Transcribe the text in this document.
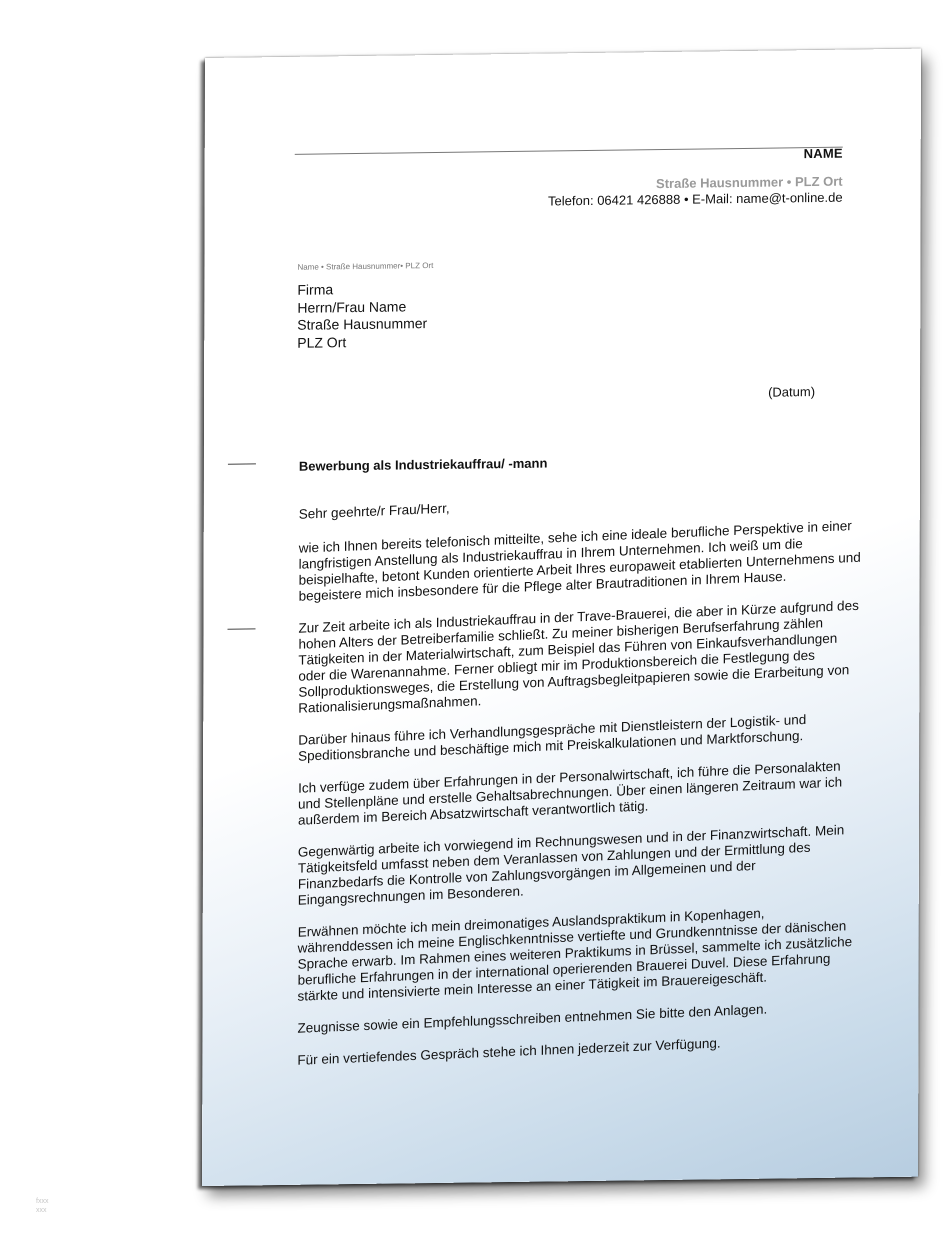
NAME
Straße Hausnummer • PLZ Ort
Telefon: 06421 426888 • E-Mail: name@t-online.de
Name • Straße Hausnummer• PLZ Ort
Firma
Herrn/Frau Name
Straße Hausnummer
PLZ Ort
(Datum)
Bewerbung als Industriekauffrau/ -mann

Sehr geehrte/r Frau/Herr,

wie ich Ihnen bereits telefonisch mitteilte, sehe ich eine ideale berufliche Perspektive in einer langfristigen Anstellung als Industriekauffrau in Ihrem Unternehmen. Ich weiß um die beispielhafte, betont Kunden orientierte Arbeit Ihres europaweit etablierten Unternehmens und begeistere mich insbesondere für die Pflege alter Brautraditionen in Ihrem Hause.

Zur Zeit arbeite ich als Industriekauffrau in der Trave-Brauerei, die aber in Kürze aufgrund des hohen Alters der Betreiberfamilie schließt. Zu meiner bisherigen Berufserfahrung zählen Tätigkeiten in der Materialwirtschaft, zum Beispiel das Führen von Einkaufsverhandlungen oder die Warenannahme. Ferner obliegt mir im Produktionsbereich die Festlegung des Sollproduktionsweges, die Erstellung von Auftragsbegleitpapieren sowie die Erarbeitung von Rationalisierungsmaßnahmen.

Darüber hinaus führe ich Verhandlungsgespräche mit Dienstleistern der Logistik- und Speditionsbranche und beschäftige mich mit Preiskalkulationen und Marktforschung.

Ich verfüge zudem über Erfahrungen in der Personalwirtschaft, ich führe die Personalakten und Stellenpläne und erstelle Gehaltsabrechnungen. Über einen längeren Zeitraum war ich außerdem im Bereich Absatzwirtschaft verantwortlich tätig.

Gegenwärtig arbeite ich vorwiegend im Rechnungswesen und in der Finanzwirtschaft. Mein Tätigkeitsfeld umfasst neben dem Veranlassen von Zahlungen und der Ermittlung des Finanzbedarfs die Kontrolle von Zahlungsvorgängen im Allgemeinen und der Eingangsrechnungen im Besonderen.

Erwähnen möchte ich mein dreimonatiges Auslandspraktikum in Kopenhagen, währenddessen ich meine Englischkenntnisse vertiefte und Grundkenntnisse der dänischen Sprache erwarb. Im Rahmen eines weiteren Praktikums in Brüssel, sammelte ich zusätzliche berufliche Erfahrungen in der international operierenden Brauerei Duvel. Diese Erfahrung stärkte und intensivierte mein Interesse an einer Tätigkeit im Brauereigeschäft.

Zeugnisse sowie ein Empfehlungsschreiben entnehmen Sie bitte den Anlagen.

Für ein vertiefendes Gespräch stehe ich Ihnen jederzeit zur Verfügung.

fxxx
xxx
